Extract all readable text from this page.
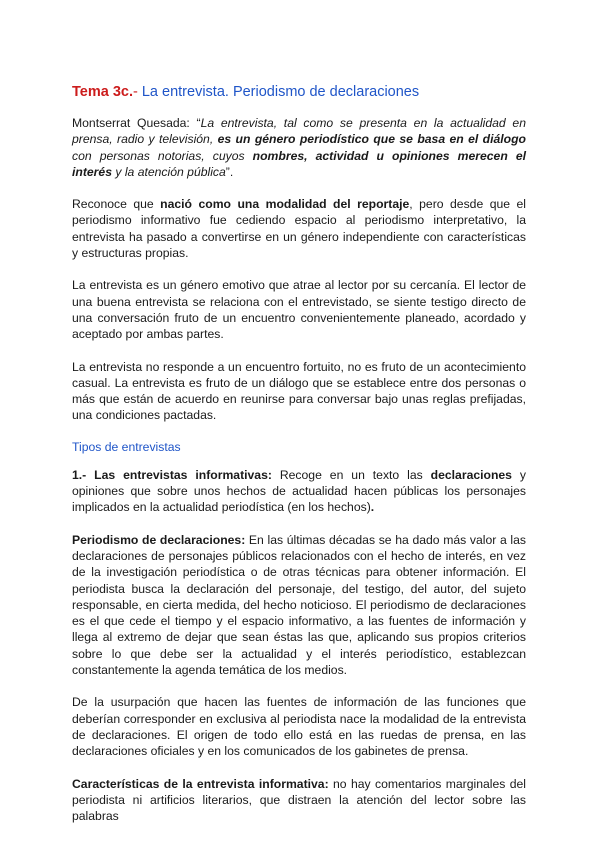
Tema 3c.- La entrevista. Periodismo de declaraciones

Montserrat Quesada: “La entrevista, tal como se presenta en la actualidad en prensa, radio y televisión, es un género periodístico que se basa en el diálogo con personas notorias, cuyos nombres, actividad u opiniones merecen el interés y la atención pública”.

Reconoce que nació como una modalidad del reportaje, pero desde que el periodismo informativo fue cediendo espacio al periodismo interpretativo, la entrevista ha pasado a convertirse en un género independiente con características y estructuras propias.

La entrevista es un género emotivo que atrae al lector por su cercanía. El lector de una buena entrevista se relaciona con el entrevistado, se siente testigo directo de una conversación fruto de un encuentro convenientemente planeado, acordado y aceptado por ambas partes.

La entrevista no responde a un encuentro fortuito, no es fruto de un acontecimiento casual. La entrevista es fruto de un diálogo que se establece entre dos personas o más que están de acuerdo en reunirse para conversar bajo unas reglas prefijadas, una condiciones pactadas.

Tipos de entrevistas

1.- Las entrevistas informativas: Recoge en un texto las declaraciones y opiniones que sobre unos hechos de actualidad hacen públicas los personajes implicados en la actualidad periodística (en los hechos).

Periodismo de declaraciones: En las últimas décadas se ha dado más valor a las declaraciones de personajes públicos relacionados con el hecho de interés, en vez de la investigación periodística o de otras técnicas para obtener información. El periodista busca la declaración del personaje, del testigo, del autor, del sujeto responsable, en cierta medida, del hecho noticioso. El periodismo de declaraciones es el que cede el tiempo y el espacio informativo, a las fuentes de información y llega al extremo de dejar que sean éstas las que, aplicando sus propios criterios sobre lo que debe ser la actualidad y el interés periodístico, establezcan constantemente la agenda temática de los medios.

De la usurpación que hacen las fuentes de información de las funciones que deberían corresponder en exclusiva al periodista nace la modalidad de la entrevista de declaraciones. El origen de todo ello está en las ruedas de prensa, en las declaraciones oficiales y en los comunicados de los gabinetes de prensa.

Características de la entrevista informativa: no hay comentarios marginales del periodista ni artificios literarios, que distraen la atención del lector sobre las palabras
